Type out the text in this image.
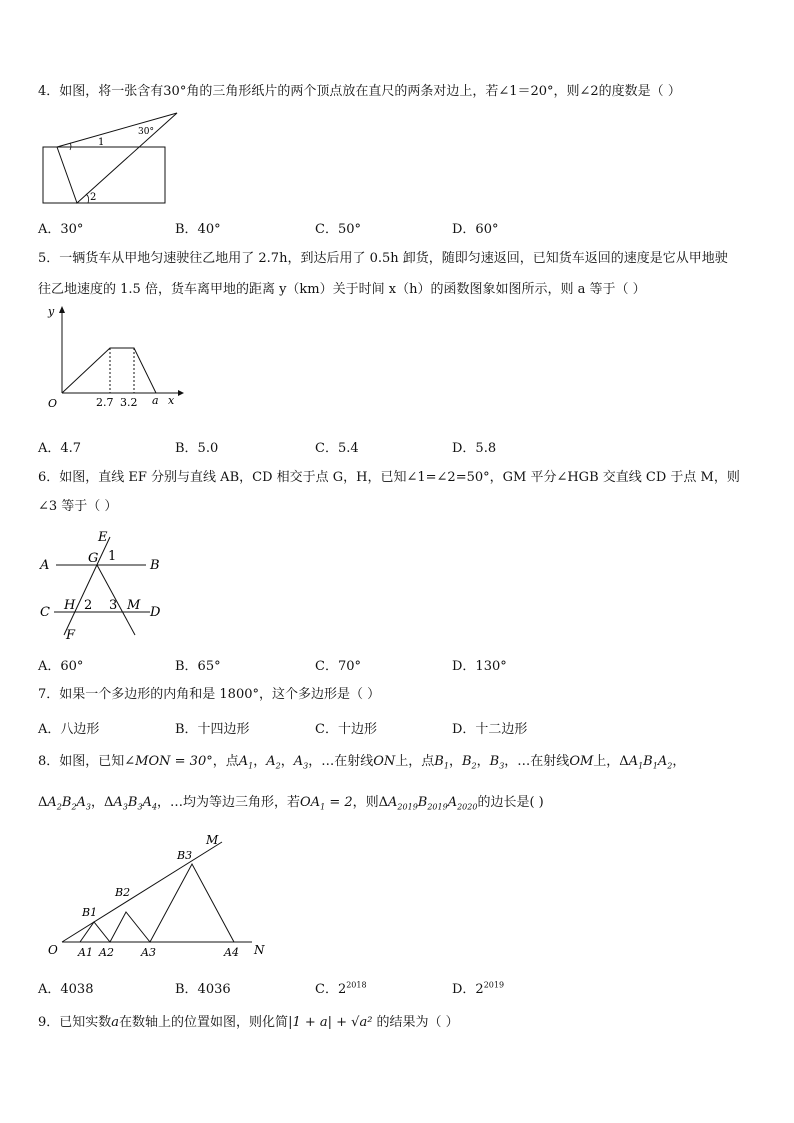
4．如图，将一张含有30°角的三角形纸片的两个顶点放在直尺的两条对边上，若∠1＝20°，则∠2的度数是（ ）
30°
1
2
A．30°	B．40°	C．50°	D．60°
5．一辆货车从甲地匀速驶往乙地用了 2.7h，到达后用了 0.5h 卸货，随即匀速返回，已知货车返回的速度是它从甲地驶
往乙地速度的 1.5 倍，货车离甲地的距离 y（km）关于时间 x（h）的函数图象如图所示，则 a 等于（ ）
y
O	2.7 3.2 a x
A．4.7	B．5.0	C．5.4	D．5.8
6．如图，直线 EF 分别与直线 AB，CD 相交于点 G，H，已知∠1=∠2=50°，GM 平分∠HGB 交直线 CD 于点 M，则
∠3 等于（ ）
E
A	G 1
B
C H 2 3 M D
F
A．60°	B．65°	C．70°	D．130°
7．如果一个多边形的内角和是 1800°，这个多边形是（ ）
A．八边形	B．十四边形	C．十边形	D．十二边形
8．如图，已知∠MON = 30°，点$A_1$，$A_2$，$A_3$，…在射线ON上，点$B_1$，$B_2$，$B_3$，…在射线OM上，$\Delta A_1B_1A_2$，
$\Delta A_2B_2A_3$，$\Delta A_3B_3A_4$，…均为等边三角形，若$OA_1 = 2$，则$\Delta A_{2019}B_{2019}A_{2020}$的边长是( )
O A1 A2 A3	A4 N
B1
B2
B3
M
A．4038	B．4036	C．$2^{2018}$	D．$2^{2019}$
9．已知实数a在数轴上的位置如图，则化简|1 + a| + √a² 的结果为（ ）
